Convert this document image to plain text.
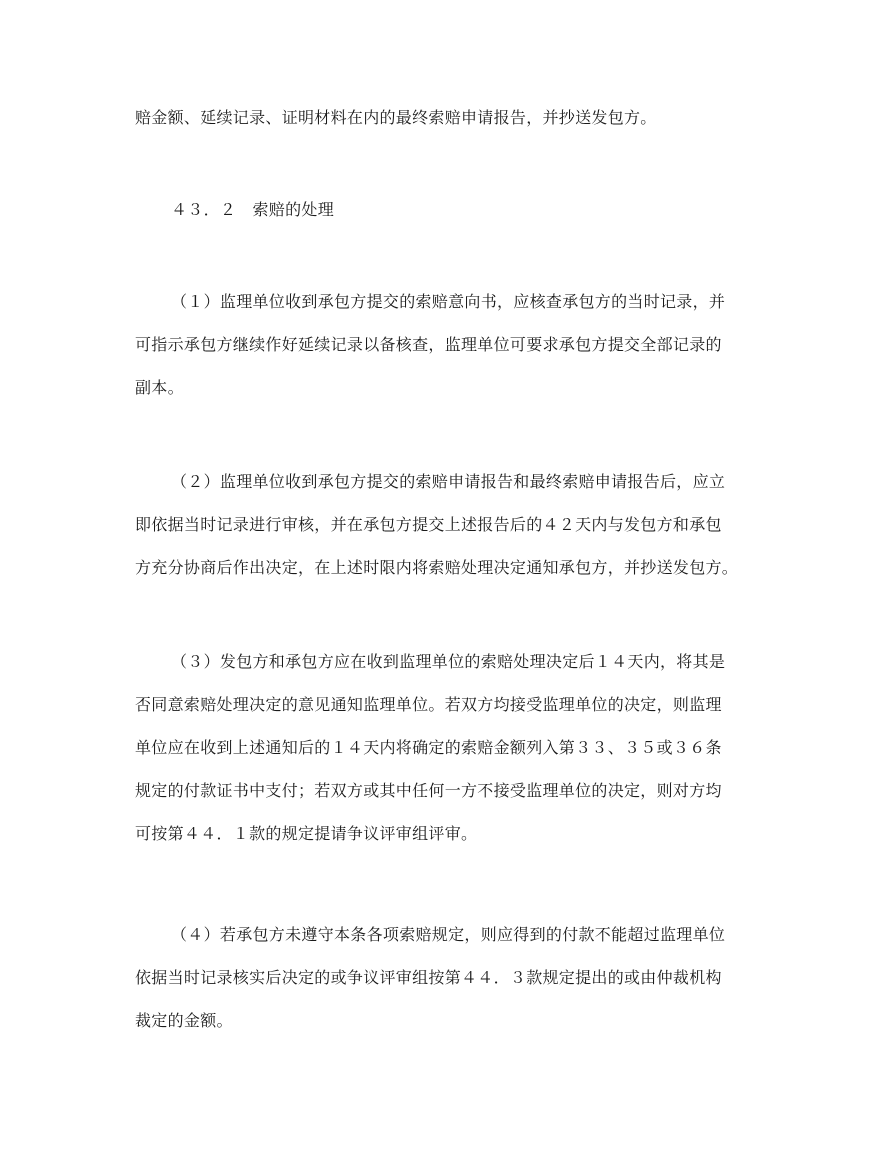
赔金额、延续记录、证明材料在内的最终索赔申请报告，并抄送发包方。

４３．２　索赔的处理

（１）监理单位收到承包方提交的索赔意向书，应核查承包方的当时记录，并
可指示承包方继续作好延续记录以备核查，监理单位可要求承包方提交全部记录的
副本。

（２）监理单位收到承包方提交的索赔申请报告和最终索赔申请报告后，应立
即依据当时记录进行审核，并在承包方提交上述报告后的４２天内与发包方和承包
方充分协商后作出决定，在上述时限内将索赔处理决定通知承包方，并抄送发包方。

（３）发包方和承包方应在收到监理单位的索赔处理决定后１４天内，将其是
否同意索赔处理决定的意见通知监理单位。若双方均接受监理单位的决定，则监理
单位应在收到上述通知后的１４天内将确定的索赔金额列入第３３、３５或３６条
规定的付款证书中支付；若双方或其中任何一方不接受监理单位的决定，则对方均
可按第４４．１款的规定提请争议评审组评审。

（４）若承包方未遵守本条各项索赔规定，则应得到的付款不能超过监理单位
依据当时记录核实后决定的或争议评审组按第４４．３款规定提出的或由仲裁机构
裁定的金额。
